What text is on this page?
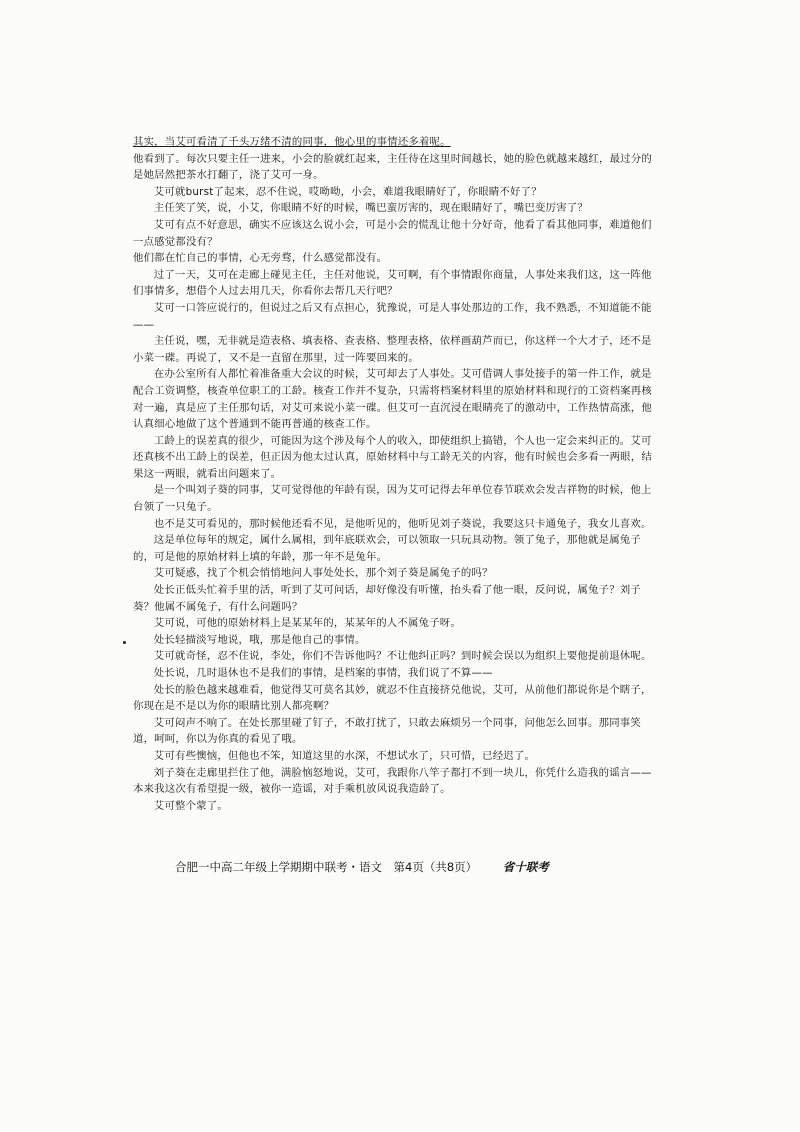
其实，当艾可看清了千头万绪不清的同事，他心里的事情还多着呢。

他看到了。每次只要主任一进来，小会的脸就红起来，主任待在这里时间越长，她的脸色就越来越红，最过分的是她居然把茶水打翻了，浇了艾可一身。

艾可就burst了起来，忍不住说，哎呦呦，小会，难道我眼睛好了，你眼睛不好了？

主任笑了笑，说，小艾，你眼睛不好的时候，嘴巴蛮厉害的，现在眼睛好了，嘴巴变厉害了？

艾可有点不好意思，确实不应该这么说小会，可是小会的慌乱让他十分好奇，他看了看其他同事，难道他们一点感觉都没有？

他们都在忙自己的事情，心无旁骛，什么感觉都没有。

过了一天，艾可在走廊上碰见主任，主任对他说，艾可啊，有个事情跟你商量，人事处来我们这，这一阵他们事情多，想借个人过去用几天，你看你去帮几天行吧？

艾可一口答应说行的，但说过之后又有点担心，犹豫说，可是人事处那边的工作，我不熟悉，不知道能不能——

主任说，嘿，无非就是造表格、填表格、查表格、整理表格，依样画葫芦而已，你这样一个大才子，还不是小菜一碟。再说了，又不是一直留在那里，过一阵要回来的。

在办公室所有人都忙着准备重大会议的时候，艾可却去了人事处。艾可借调人事处接手的第一件工作，就是配合工资调整，核查单位职工的工龄。核查工作并不复杂，只需将档案材料里的原始材料和现行的工资档案再核对一遍，真是应了主任那句话，对艾可来说小菜一碟。但艾可一直沉浸在眼睛亮了的激动中，工作热情高涨，他认真细心地做了这个普通到不能再普通的核查工作。

工龄上的误差真的很少，可能因为这个涉及每个人的收入，即使组织上搞错，个人也一定会来纠正的。艾可还真核不出工龄上的误差，但正因为他太过认真，原始材料中与工龄无关的内容，他有时候也会多看一两眼，结果这一两眼，就看出问题来了。

是一个叫刘子葵的同事，艾可觉得他的年龄有误，因为艾可记得去年单位春节联欢会发吉祥物的时候，他上台领了一只兔子。

也不是艾可看见的，那时候他还看不见，是他听见的，他听见刘子葵说，我要这只卡通兔子，我女儿喜欢。

这是单位每年的规定，属什么属相，到年底联欢会，可以领取一只玩具动物。领了兔子，那他就是属兔子的，可是他的原始材料上填的年龄，那一年不是兔年。

艾可疑惑，找了个机会悄悄地问人事处处长，那个刘子葵是属兔子的吗？

处长正低头忙着手里的活，听到了艾可问话，却好像没有听懂，抬头看了他一眼，反问说，属兔子？刘子葵？他属不属兔子，有什么问题吗？

艾可说，可他的原始材料上是某某年的，某某年的人不属兔子呀。

处长轻描淡写地说，哦，那是他自己的事情。

艾可就奇怪，忍不住说，李处，你们不告诉他吗？不让他纠正吗？到时候会误以为组织上要他提前退休呢。

处长说，几时退休也不是我们的事情，是档案的事情，我们说了不算——

处长的脸色越来越难看，他觉得艾可莫名其妙，就忍不住直接挤兑他说，艾可，从前他们都说你是个瞎子，你现在是不是以为你的眼睛比别人都亮啊？

艾可闷声不响了。在处长那里碰了钉子，不敢打扰了，只敢去麻烦另一个同事，问他怎么回事。那同事笑道，呵呵，你以为你真的看见了哦。

艾可有些懊恼，但他也不笨，知道这里的水深，不想试水了，只可惜，已经迟了。

刘子葵在走廊里拦住了他，满脸恼怒地说，艾可，我跟你八竿子都打不到一块儿，你凭什么造我的谣言——本来我这次有希望提一级，被你一造谣，对手乘机放风说我造龄了。

艾可整个蒙了。

合肥一中高二年级上学期期中联考・语文　第4页（共8页） 省十联考
